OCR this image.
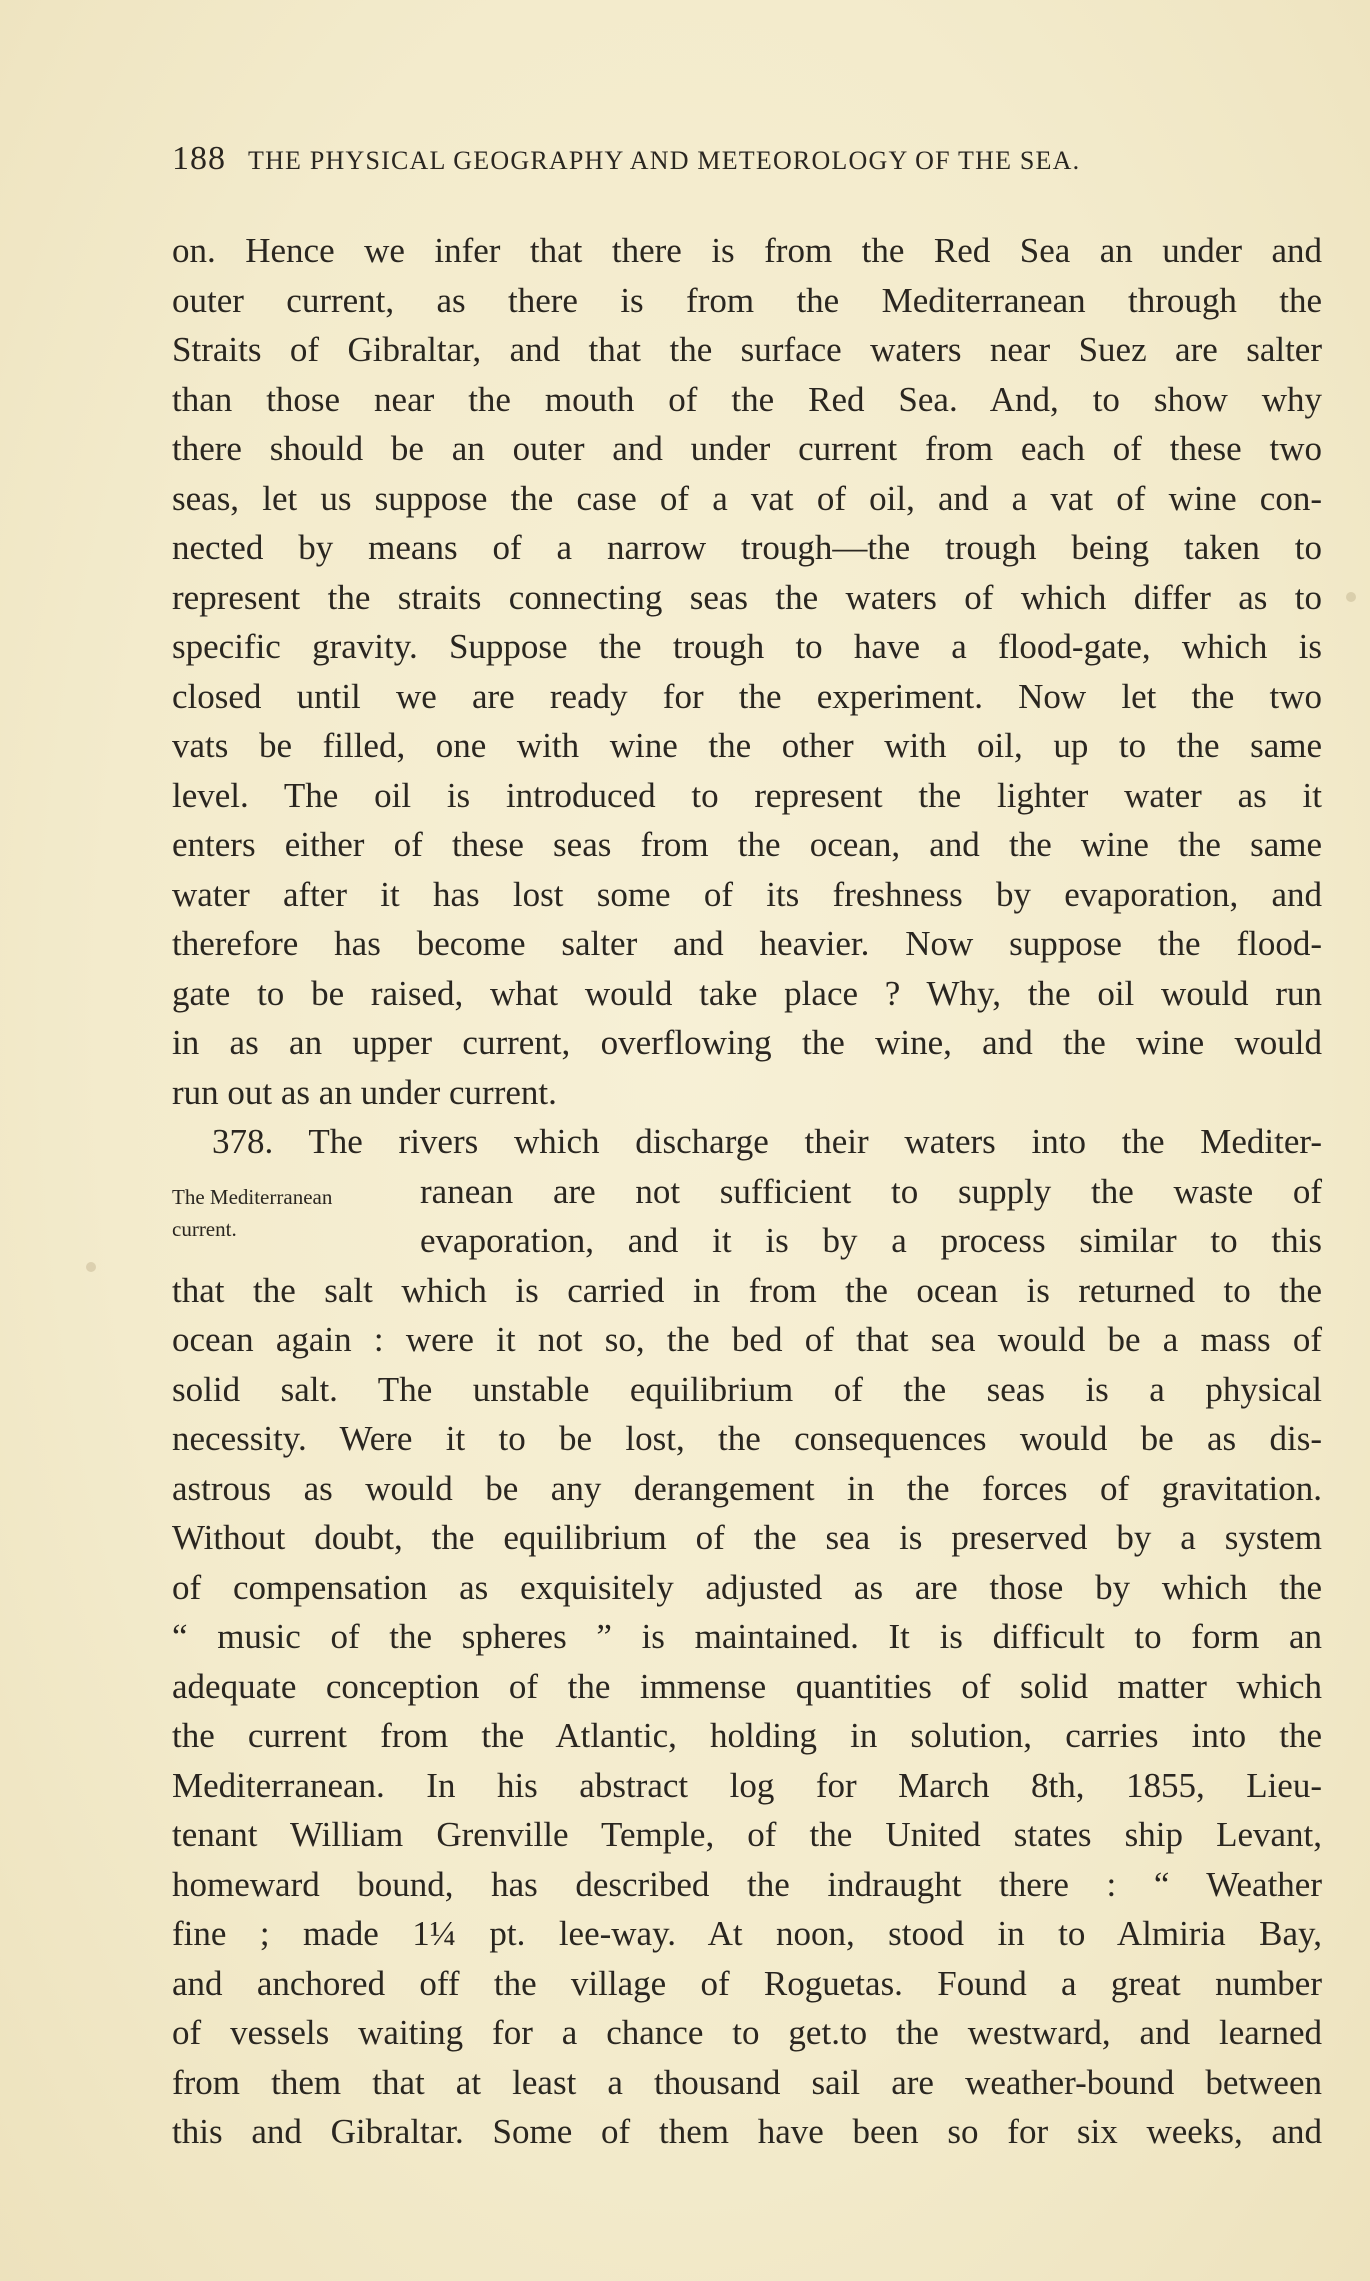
188 THE PHYSICAL GEOGRAPHY AND METEOROLOGY OF THE SEA.
The Mediterranean
current.
on. Hence we infer that there is from the Red Sea an under and
outer current, as there is from the Mediterranean through the
Straits of Gibraltar, and that the surface waters near Suez are salter
than those near the mouth of the Red Sea. And, to show why
there should be an outer and under current from each of these two
seas, let us suppose the case of a vat of oil, and a vat of wine con-
nected by means of a narrow trough—the trough being taken to
represent the straits connecting seas the waters of which differ as to
specific gravity. Suppose the trough to have a flood-gate, which is
closed until we are ready for the experiment. Now let the two
vats be filled, one with wine the other with oil, up to the same
level. The oil is introduced to represent the lighter water as it
enters either of these seas from the ocean, and the wine the same
water after it has lost some of its freshness by evaporation, and
therefore has become salter and heavier. Now suppose the flood-
gate to be raised, what would take place ? Why, the oil would run
in as an upper current, overflowing the wine, and the wine would
run out as an under current.
378. The rivers which discharge their waters into the Mediter-
ranean are not sufficient to supply the waste of
evaporation, and it is by a process similar to this
that the salt which is carried in from the ocean is returned to the
ocean again : were it not so, the bed of that sea would be a mass of
solid salt. The unstable equilibrium of the seas is a physical
necessity. Were it to be lost, the consequences would be as dis-
astrous as would be any derangement in the forces of gravitation.
Without doubt, the equilibrium of the sea is preserved by a system
of compensation as exquisitely adjusted as are those by which the
“ music of the spheres ” is maintained. It is difficult to form an
adequate conception of the immense quantities of solid matter which
the current from the Atlantic, holding in solution, carries into the
Mediterranean. In his abstract log for March 8th, 1855, Lieu-
tenant William Grenville Temple, of the United states ship Levant,
homeward bound, has described the indraught there : “ Weather
fine ; made 1¼ pt. lee-way. At noon, stood in to Almiria Bay,
and anchored off the village of Roguetas. Found a great number
of vessels waiting for a chance to get.to the westward, and learned
from them that at least a thousand sail are weather-bound between
this and Gibraltar. Some of them have been so for six weeks, and
